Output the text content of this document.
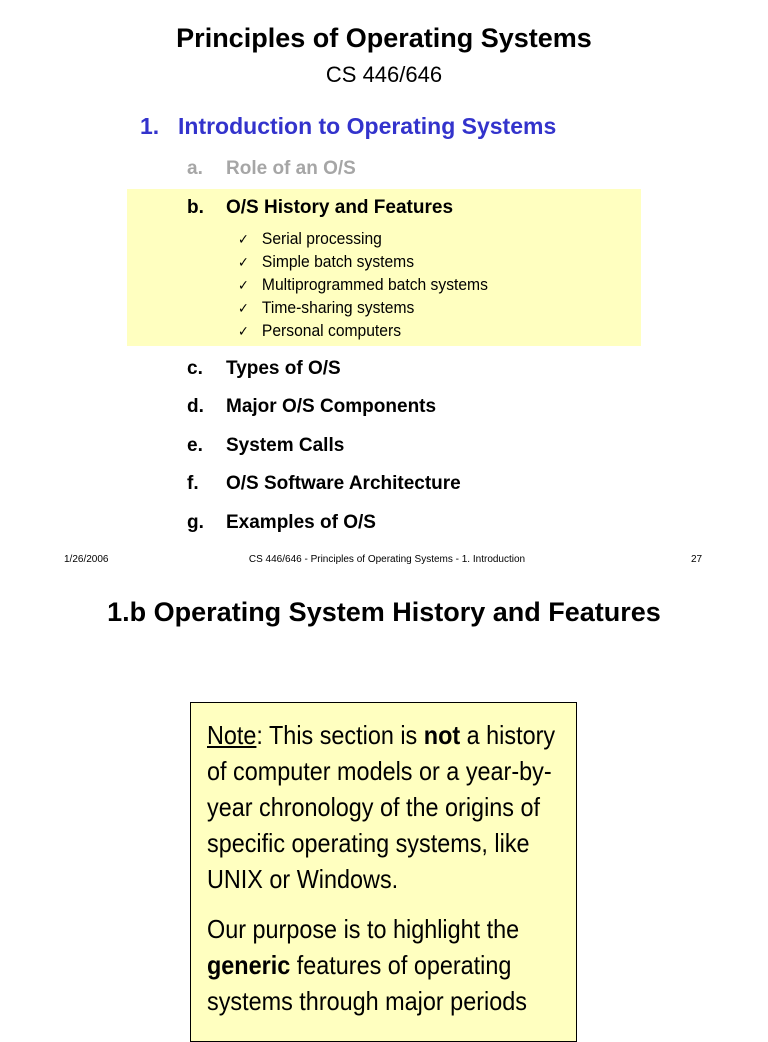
Principles of Operating Systems
CS 446/646
1. Introduction to Operating Systems
a. Role of an O/S
b. O/S History and Features
✓ Serial processing
✓ Simple batch systems
✓ Multiprogrammed batch systems
✓ Time-sharing systems
✓ Personal computers
c. Types of O/S
d. Major O/S Components
e. System Calls
f. O/S Software Architecture
g. Examples of O/S
1/26/2006	CS 446/646 - Principles of Operating Systems - 1. Introduction	27
1.b Operating System History and Features

Note: This section is not a history of computer models or a year-by-year chronology of the origins of specific operating systems, like UNIX or Windows.

Our purpose is to highlight the generic features of operating systems through major periods
